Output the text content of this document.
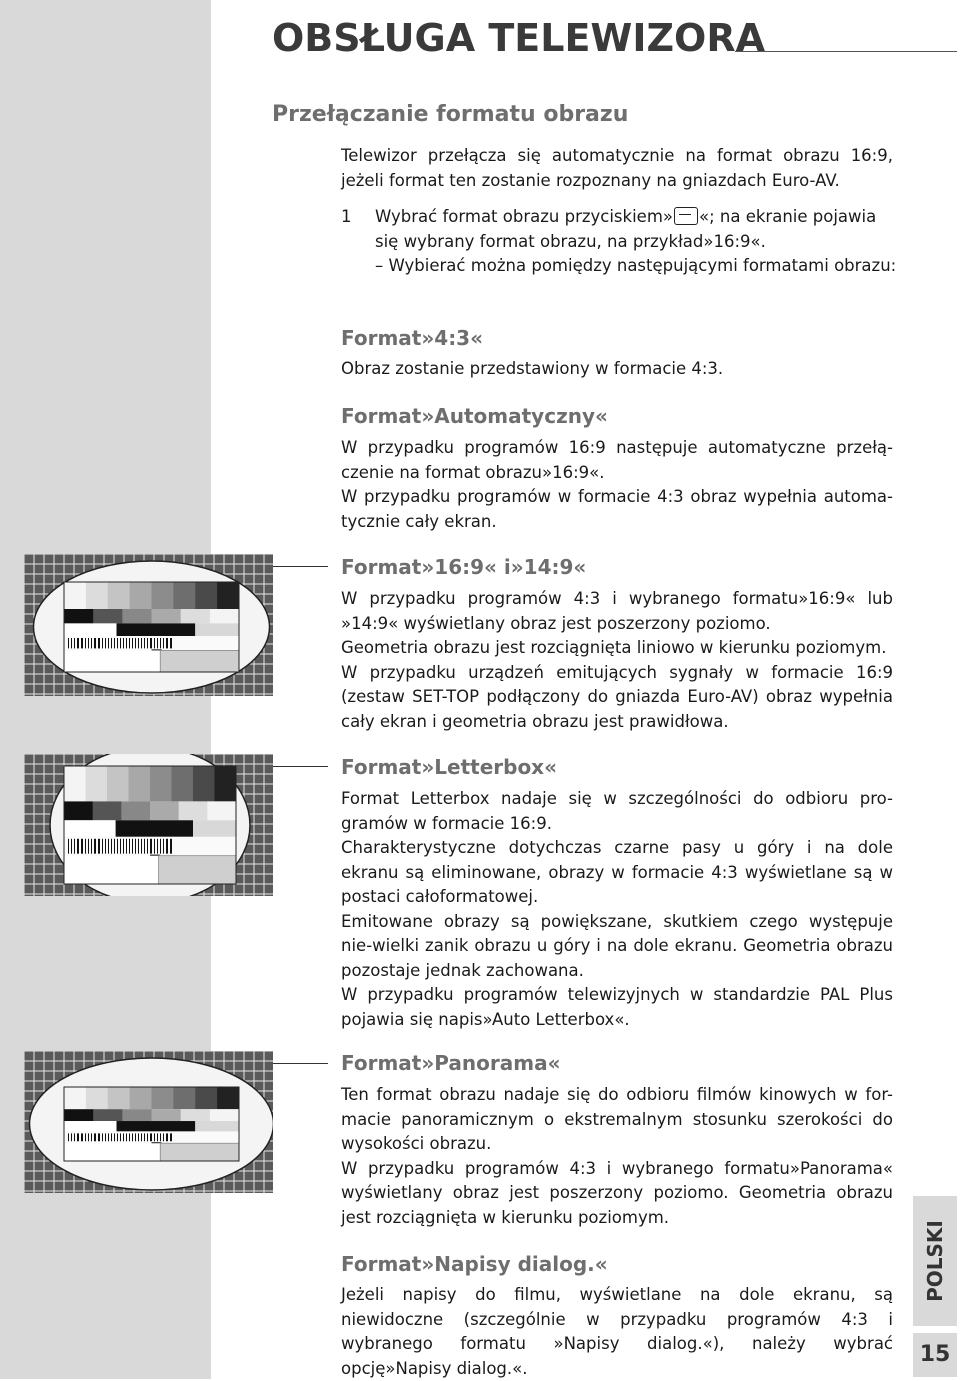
OBSŁUGA TELEWIZORA
Przełączanie formatu obrazu

Telewizor przełącza się automatycznie na format obrazu 16:9, jeżeli format ten zostanie rozpoznany na gniazdach Euro-AV.

1 Wybrać format obrazu przyciskiem» «; na ekranie pojawia się wybrany format obrazu, na przykład»16:9«.
– Wybierać można pomiędzy następującymi formatami obrazu:
Format»4:3«

Obraz zostanie przedstawiony w formacie 4:3.

Format»Automatyczny«

W przypadku programów 16:9 następuje automatyczne przełą-czenie na format obrazu»16:9«.

W przypadku programów w formacie 4:3 obraz wypełnia automa-tycznie cały ekran.

Format»16:9« i»14:9«

W przypadku programów 4:3 i wybranego formatu»16:9« lub »14:9« wyświetlany obraz jest poszerzony poziomo.

Geometria obrazu jest rozciągnięta liniowo w kierunku poziomym.

W przypadku urządzeń emitujących sygnały w formacie 16:9 (zestaw SET-TOP podłączony do gniazda Euro-AV) obraz wypełnia cały ekran i geometria obrazu jest prawidłowa.

Format»Letterbox«

Format Letterbox nadaje się w szczególności do odbioru pro-gramów w formacie 16:9.

Charakterystyczne dotychczas czarne pasy u góry i na dole ekranu są eliminowane, obrazy w formacie 4:3 wyświetlane są w postaci całoformatowej.

Emitowane obrazy są powiększane, skutkiem czego występuje nie-wielki zanik obrazu u góry i na dole ekranu. Geometria obrazu pozostaje jednak zachowana.

W przypadku programów telewizyjnych w standardzie PAL Plus pojawia się napis»Auto Letterbox«.

Format»Panorama«

Ten format obrazu nadaje się do odbioru filmów kinowych w for-macie panoramicznym o ekstremalnym stosunku szerokości do wysokości obrazu.

W przypadku programów 4:3 i wybranego formatu»Panorama« wyświetlany obraz jest poszerzony poziomo. Geometria obrazu jest rozciągnięta w kierunku poziomym.

Format»Napisy dialog.«

Jeżeli napisy do filmu, wyświetlane na dole ekranu, są niewidoczne (szczególnie w przypadku programów 4:3 i wybranego formatu »Napisy dialog.«), należy wybrać opcję»Napisy dialog.«.

POLSKI
15
